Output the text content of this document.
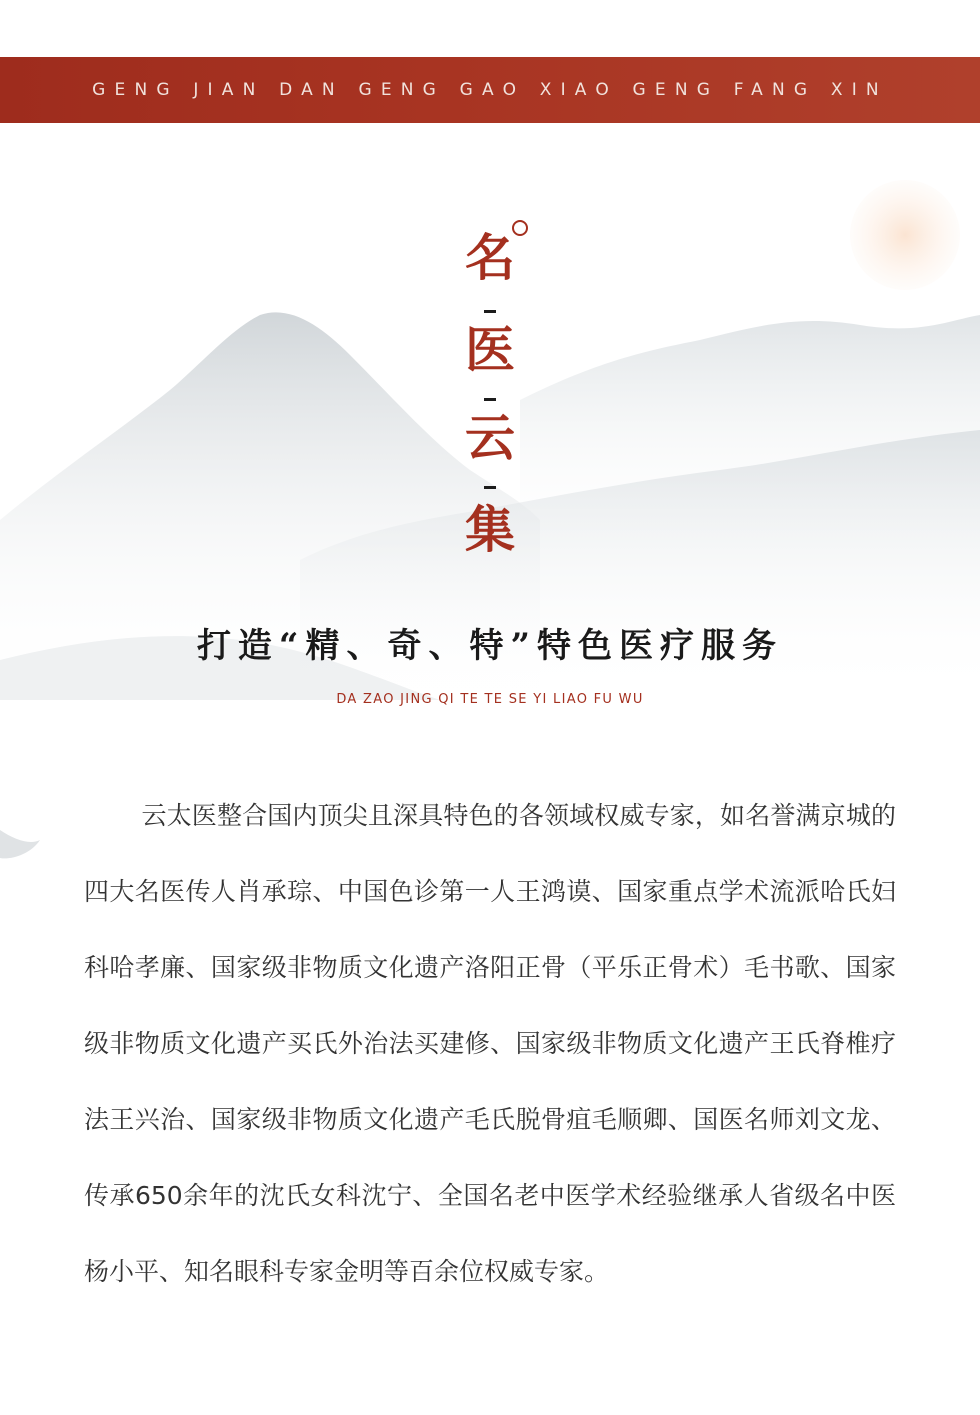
GENG JIAN DAN GENG GAO XIAO GENG FANG XIN
名
医
云
集
打造“精、奇、特”特色医疗服务
DA ZAO JING QI TE TE SE YI LIAO FU WU
云太医整合国内顶尖且深具特色的各领域权威专家，如名誉满京城的四大名医传人肖承琮、中国色诊第一人王鸿谟、国家重点学术流派哈氏妇科哈孝廉、国家级非物质文化遗产洛阳正骨（平乐正骨术）毛书歌、国家级非物质文化遗产买氏外治法买建修、国家级非物质文化遗产王氏脊椎疗法王兴治、国家级非物质文化遗产毛氏脱骨疽毛顺卿、国医名师刘文龙、传承650余年的沈氏女科沈宁、全国名老中医学术经验继承人省级名中医杨小平、知名眼科专家金明等百余位权威专家。
